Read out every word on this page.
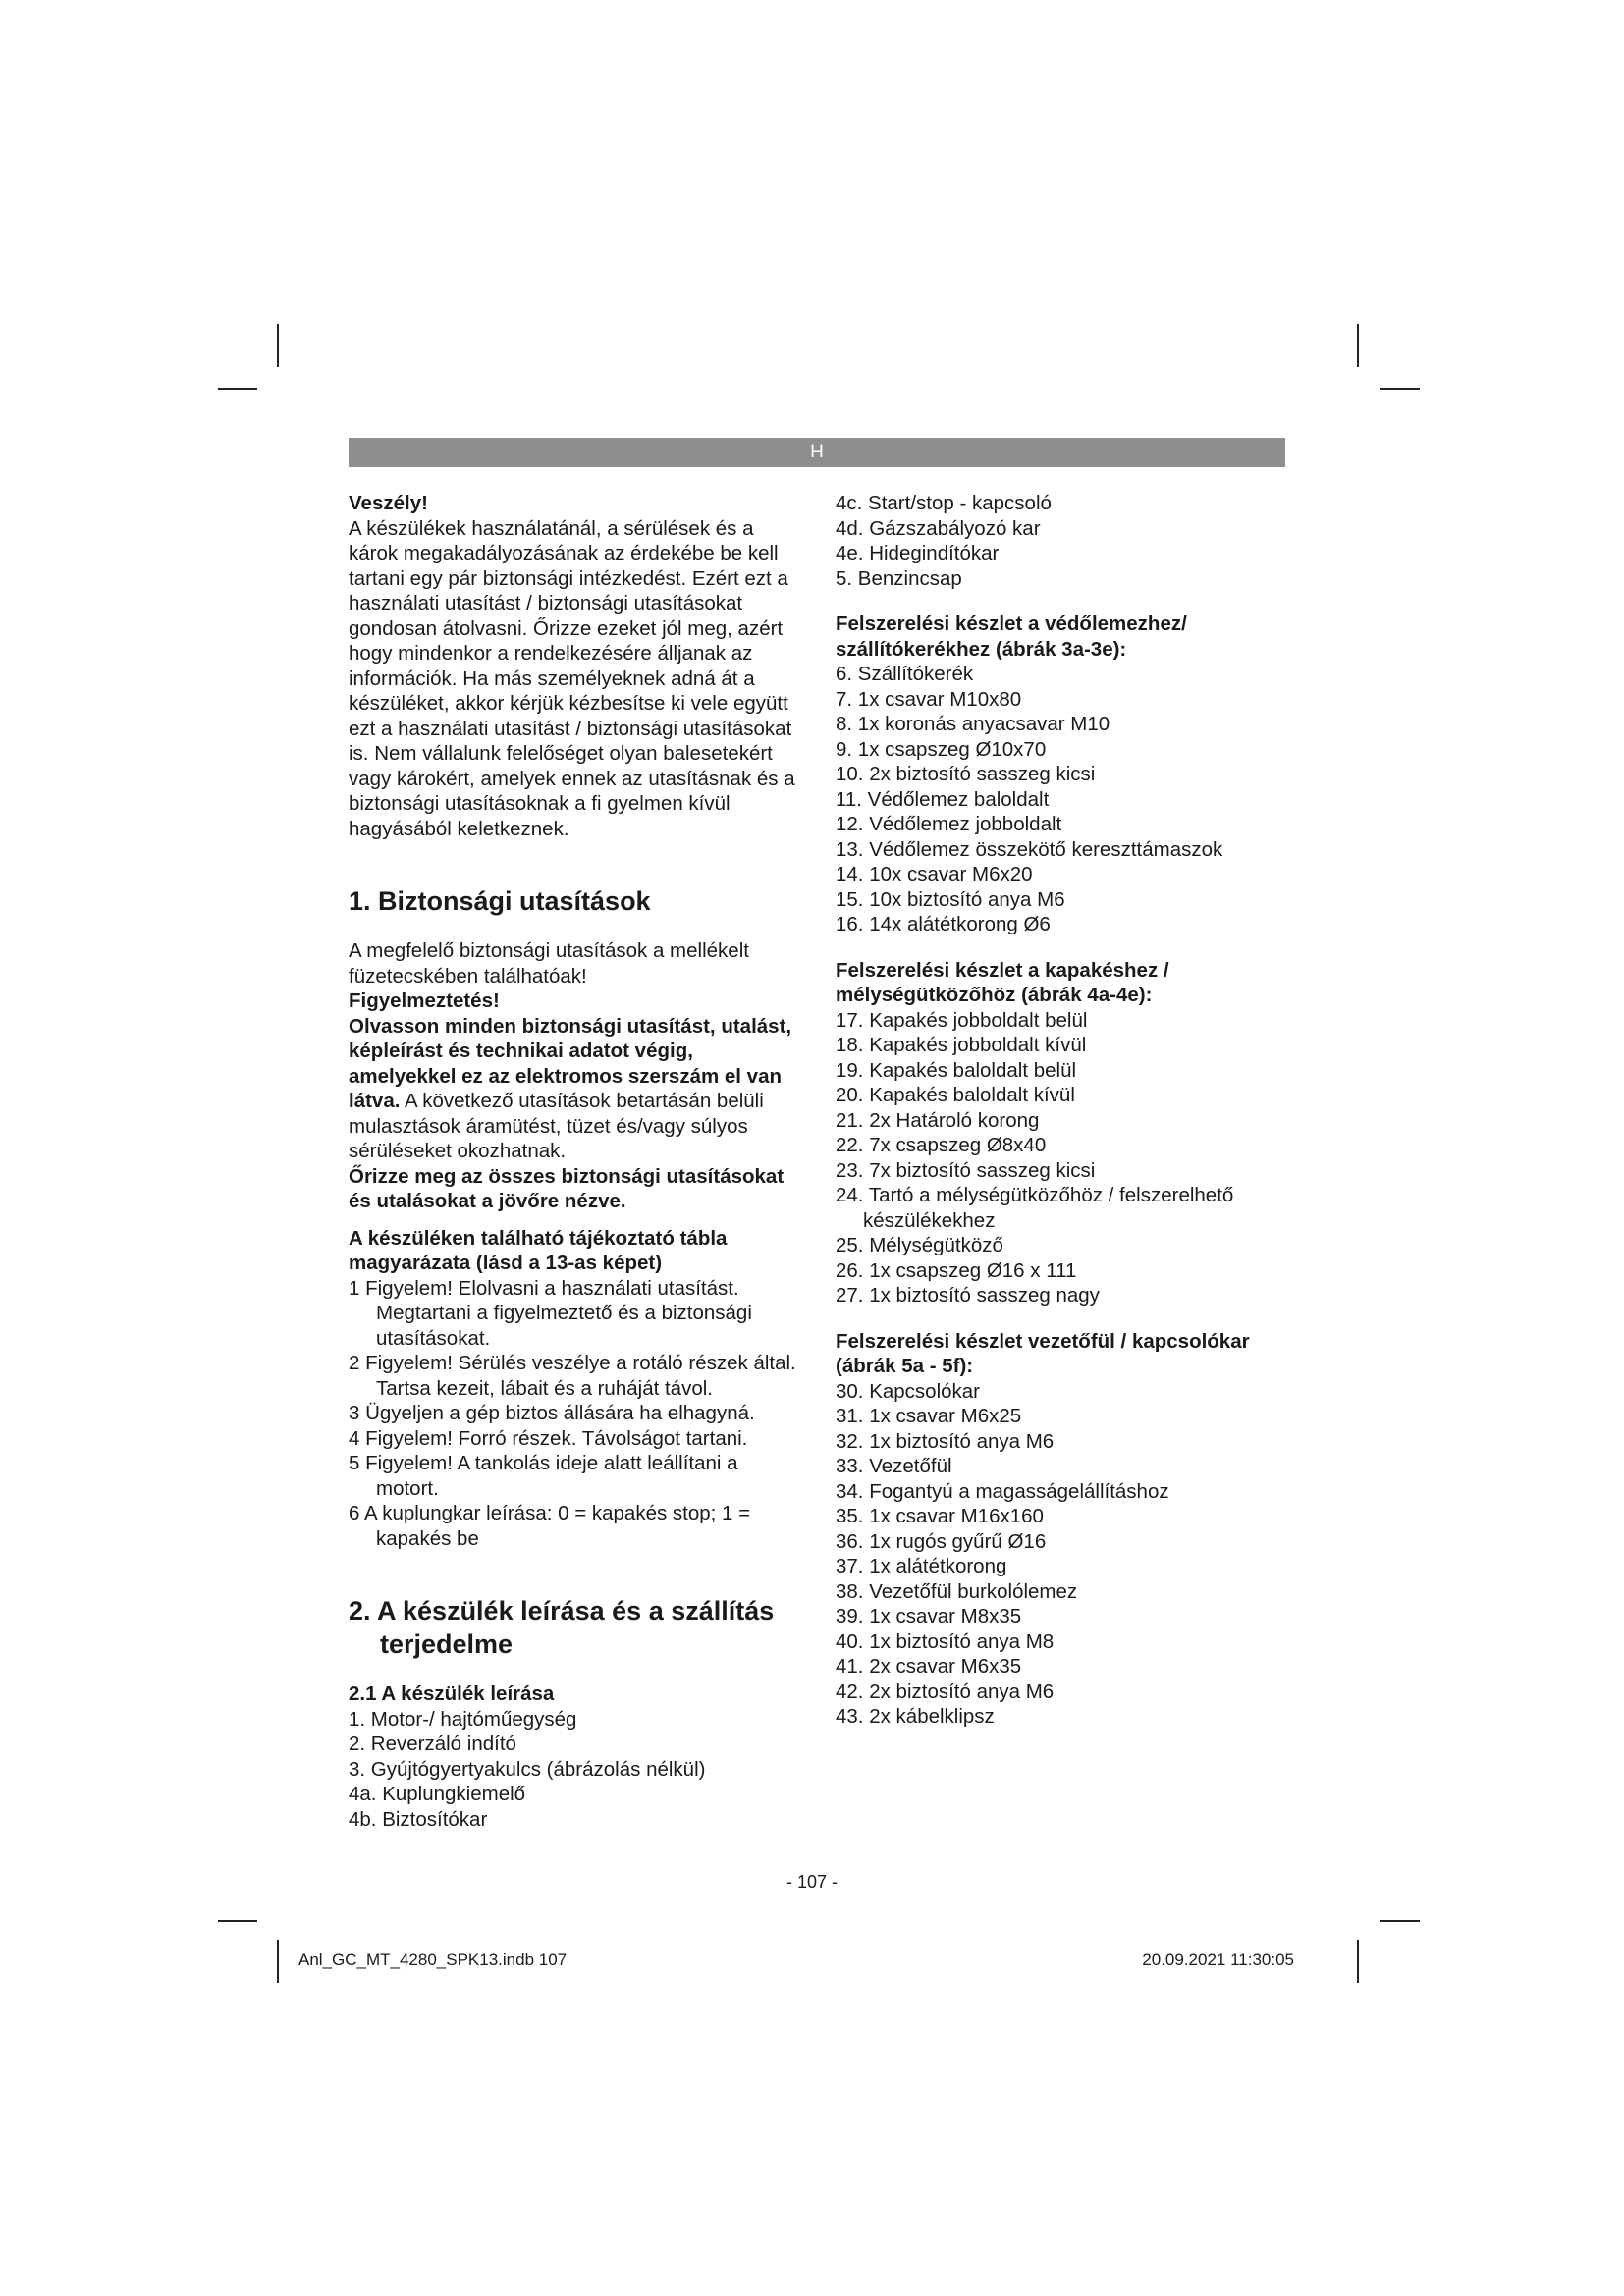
H

Veszély!

A készülékek használatánál, a sérülések és a károk megakadályozásának az érdekébe be kell tartani egy pár biztonsági intézkedést. Ezért ezt a használati utasítást / biztonsági utasításokat gondosan átolvasni. Őrizze ezeket jól meg, azért hogy mindenkor a rendelkezésére álljanak az információk. Ha más személyeknek adná át a készüléket, akkor kérjük kézbesítse ki vele együtt ezt a használati utasítást / biztonsági utasításokat is. Nem vállalunk felelőséget olyan balesetekért vagy károkért, amelyek ennek az utasításnak és a biztonsági utasításoknak a fi gyelmen kívül hagyásából keletkeznek.

1. Biztonsági utasítások

A megfelelő biztonsági utasítások a mellékelt füzetecskében találhatóak!

Figyelmeztetés!

Olvasson minden biztonsági utasítást, utalást, képleírást és technikai adatot végig, amelyekkel ez az elektromos szerszám el van látva. A következő utasítások betartásán belüli mulasztások áramütést, tüzet és/vagy súlyos sérüléseket okozhatnak.

Őrizze meg az összes biztonsági utasításokat és utalásokat a jövőre nézve.

A készüléken található tájékoztató tábla magyarázata (lásd a 13-as képet)

1 Figyelem! Elolvasni a használati utasítást. Megtartani a figyelmeztető és a biztonsági utasításokat.

2 Figyelem! Sérülés veszélye a rotáló részek által. Tartsa kezeit, lábait és a ruháját távol.

3 Ügyeljen a gép biztos állására ha elhagyná.

4 Figyelem! Forró részek. Távolságot tartani.

5 Figyelem! A tankolás ideje alatt leállítani a motort.

6 A kuplungkar leírása: 0 = kapakés stop; 1 = kapakés be

2. A készülék leírása és a szállítás terjedelme

2.1 A készülék leírása

1. Motor-/ hajtóműegység

2. Reverzáló indító

3. Gyújtógyertyakulcs (ábrázolás nélkül)

4a. Kuplungkiemelő

4b. Biztosítókar

4c. Start/stop - kapcsoló

4d. Gázszabályozó kar

4e. Hidegindítókar

5. Benzincsap

Felszerelési készlet a védőlemezhez/ szállítókerékhez (ábrák 3a-3e):

6. Szállítókerék

7. 1x csavar M10x80

8. 1x koronás anyacsavar M10

9. 1x csapszeg Ø10x70

10. 2x biztosító sasszeg kicsi

11. Védőlemez baloldalt

12. Védőlemez jobboldalt

13. Védőlemez összekötő kereszttámaszok

14. 10x csavar M6x20

15. 10x biztosító anya M6

16. 14x alátétkorong Ø6

Felszerelési készlet a kapakéshez / mélységütközőhöz (ábrák 4a-4e):

17. Kapakés jobboldalt belül

18. Kapakés jobboldalt kívül

19. Kapakés baloldalt belül

20. Kapakés baloldalt kívül

21. 2x Határoló korong

22. 7x csapszeg Ø8x40

23. 7x biztosító sasszeg kicsi

24. Tartó a mélységütközőhöz / felszerelhető készülékekhez

25. Mélységütköző

26. 1x csapszeg Ø16 x 111

27. 1x biztosító sasszeg nagy

Felszerelési készlet vezetőfül / kapcsolókar (ábrák 5a - 5f):

30. Kapcsolókar

31. 1x csavar M6x25

32. 1x biztosító anya M6

33. Vezetőfül

34. Fogantyú a magasságelállításhoz

35. 1x csavar M16x160

36. 1x rugós gyűrű Ø16

37. 1x alátétkorong

38. Vezetőfül burkolólemez

39. 1x csavar M8x35

40. 1x biztosító anya M8

41. 2x csavar M6x35

42. 2x biztosító anya M6

43. 2x kábelklipsz

- 107 -
Anl_GC_MT_4280_SPK13.indb 107	20.09.2021 11:30:05
